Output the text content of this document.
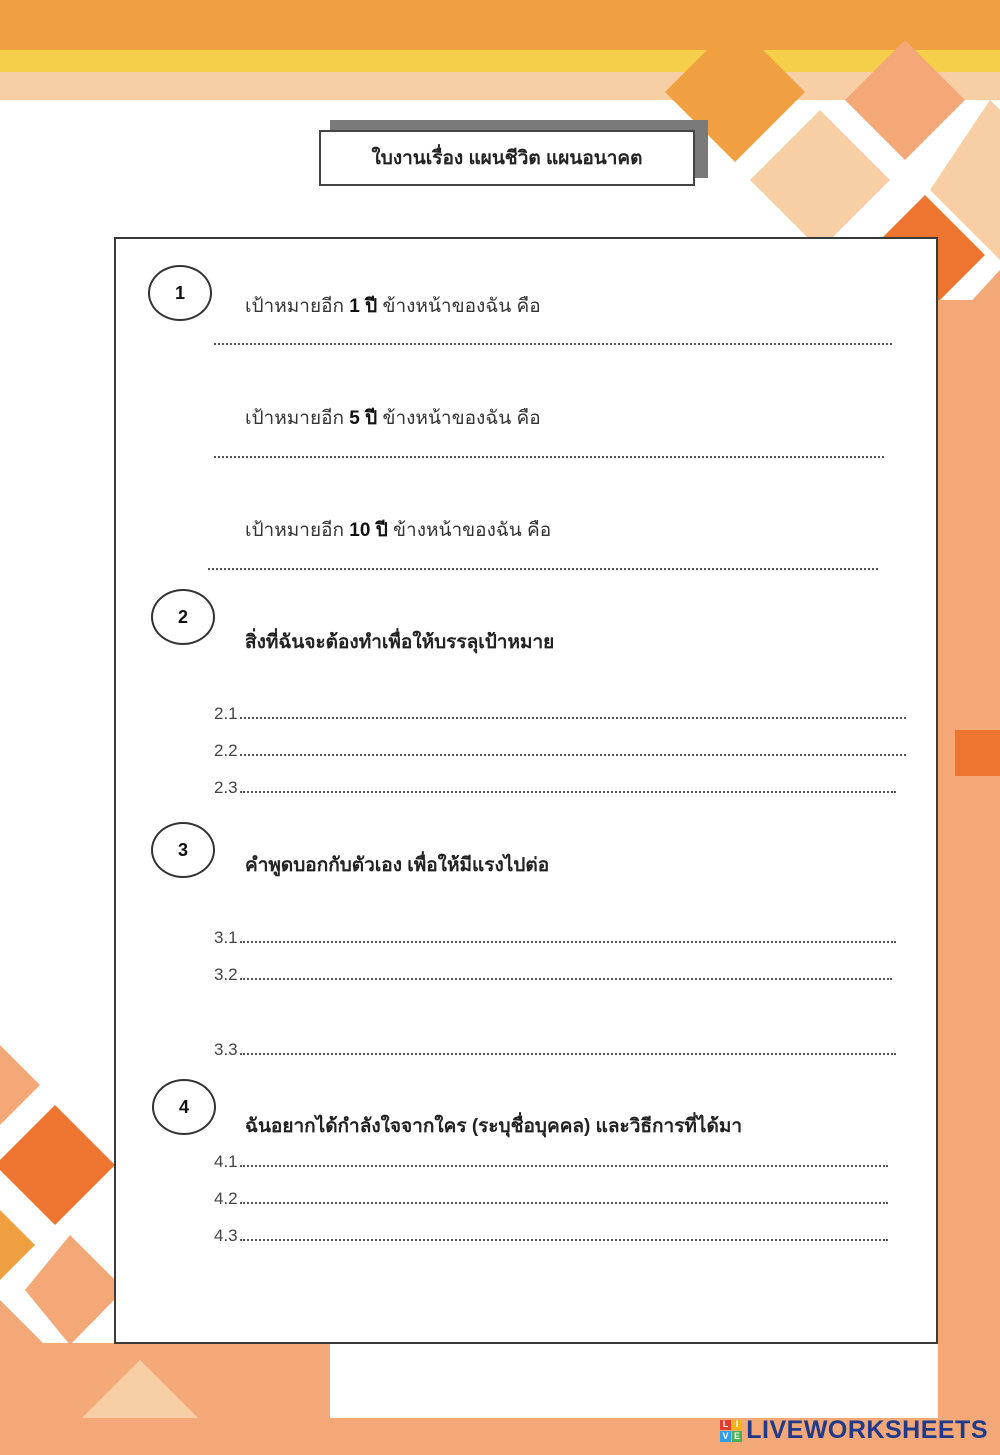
ใบงานเรื่อง แผนชีวิต แผนอนาคต
1
เป้าหมายอีก 1 ปี ข้างหน้าของฉัน คือ
เป้าหมายอีก 5 ปี ข้างหน้าของฉัน คือ
เป้าหมายอีก 10 ปี ข้างหน้าของฉัน คือ
2
สิ่งที่ฉันจะต้องทำเพื่อให้บรรลุเป้าหมาย
2.1
2.2
2.3
3
คำพูดบอกกับตัวเอง เพื่อให้มีแรงไปต่อ
3.1
3.2
3.3
4
ฉันอยากได้กำลังใจจากใคร (ระบุชื่อบุคคล) และวิธีการที่ได้มา
4.1
4.2
4.3
L I
V E LIVEWORKSHEETS
